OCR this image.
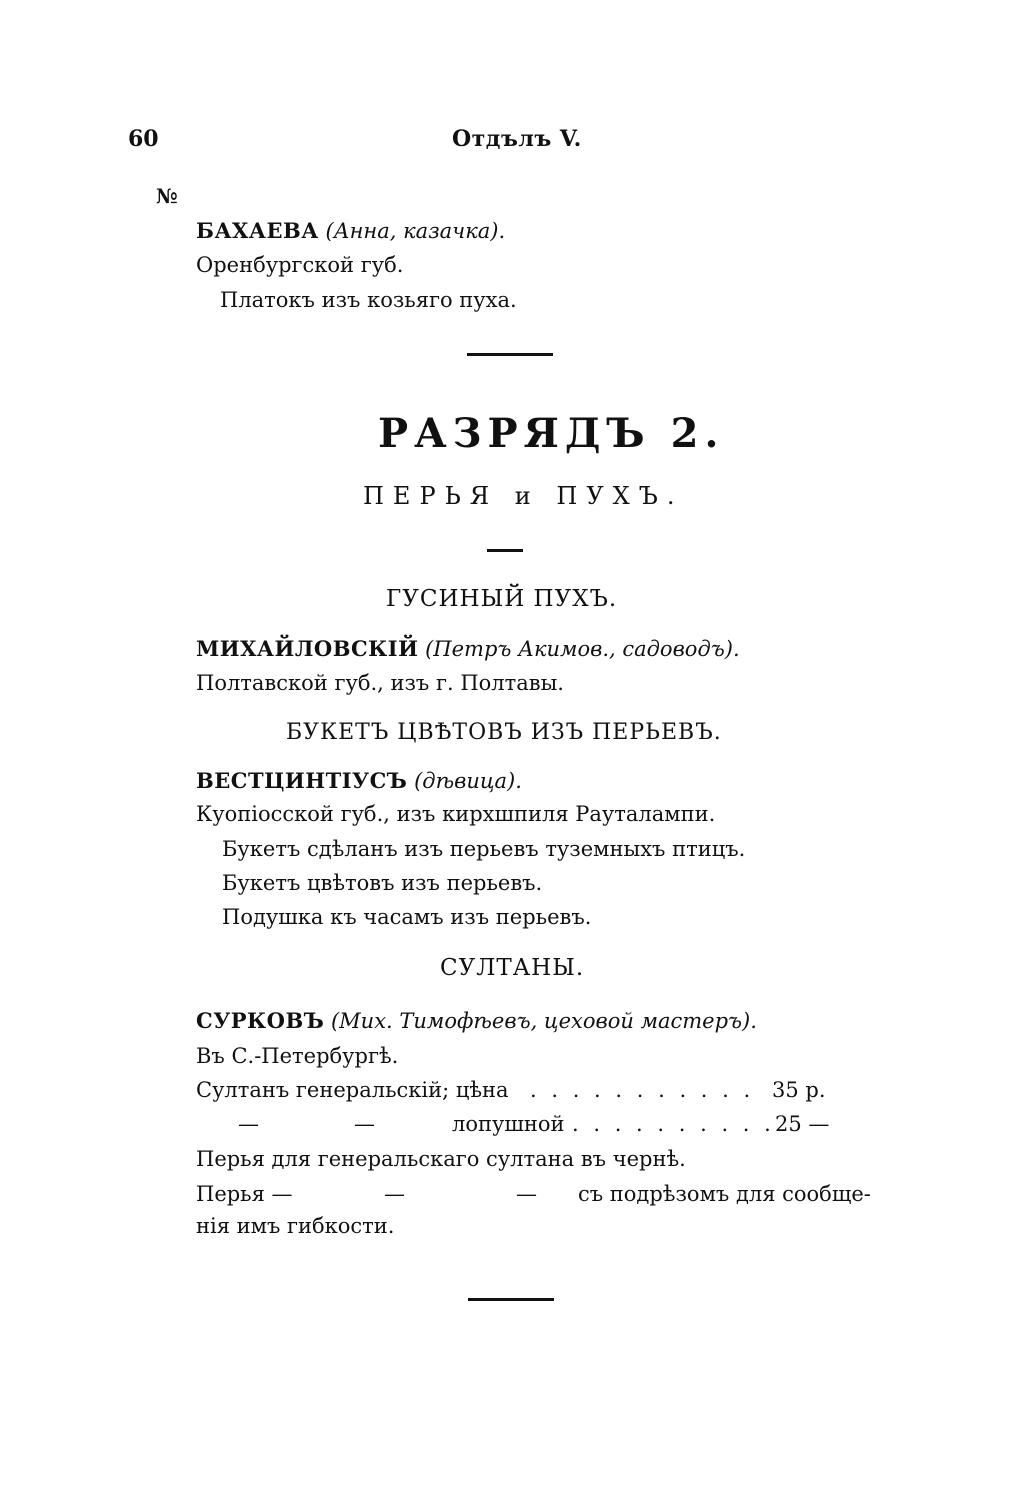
60	Отдълъ V.
№
БАХАЕВА (Анна, казачка).
Оренбургской губ.
Платокъ изъ козьяго пуха.
РАЗРЯДЪ 2.
ПЕРЬЯ и ПУХЪ.
ГУСИНЫЙ ПУХЪ.
МИХАЙЛОВСКІЙ (Петръ Акимов., садоводъ).
Полтавской губ., изъ г. Полтавы.
БУКЕТЪ ЦВѢТОВЪ ИЗЪ ПЕРЬЕВЪ.
ВЕСТЦИНТІУСЪ (дѣвица).
Куопіосской губ., изъ кирхшпиля Рауталампи.
Букетъ сдѣланъ изъ перьевъ туземныхъ птицъ.
Букетъ цвѣтовъ изъ перьевъ.
Подушка къ часамъ изъ перьевъ.
СУЛТАНЫ.
СУРКОВЪ (Мих. Тимофѣевъ, цеховой мастеръ).
Въ С.-Петербургѣ.
Султанъ генеральскій; цѣна . . . . . . . . . . . 35 р.
—	—	лопушной . . . . . . . . . . 25 —
Перья для генеральскаго султана въ чернѣ.
Перья —	—	— съ подрѣзомъ для сообще-
нія имъ гибкости.
